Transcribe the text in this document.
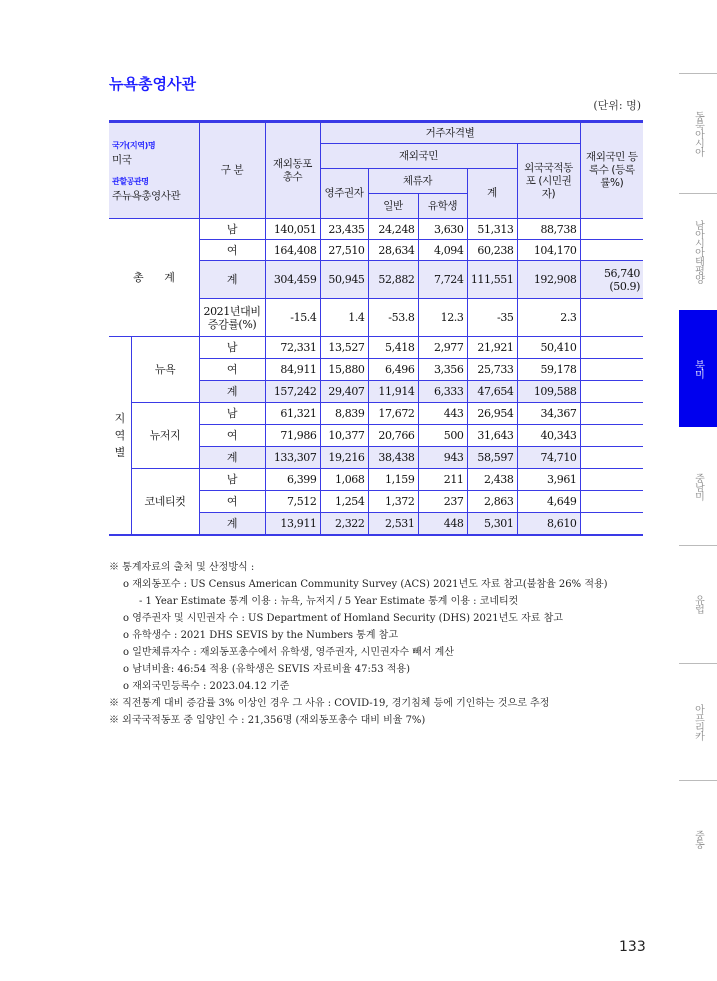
뉴욕총영사관
(단위: 명)
국가(지역)명
미국
관할공관명
주뉴욕총영사관		구 분	재외동포 총수	거주자격별					재외국민 등록수 (등록률%)
				재외국민				외국국적동포 (시민권자)	
				영주권자	체류자		계		
					일반	유학생			
총 계		남	140,051	23,435	24,248	3,630	51,313	88,738	
		여	164,408	27,510	28,634	4,094	60,238	104,170	
		계	304,459	50,945	52,882	7,724	111,551	192,908	56,740 (50.9)
		2021년대비 증감률(%)	-15.4	1.4	-53.8	12.3	-35	2.3	
지 역 별	뉴욕	남	72,331	13,527	5,418	2,977	21,921	50,410	
		여	84,911	15,880	6,496	3,356	25,733	59,178	
		계	157,242	29,407	11,914	6,333	47,654	109,588	
	뉴저지	남	61,321	8,839	17,672	443	26,954	34,367	
		여	71,986	10,377	20,766	500	31,643	40,343	
		계	133,307	19,216	38,438	943	58,597	74,710	
	코네티컷	남	6,399	1,068	1,159	211	2,438	3,961	
		여	7,512	1,254	1,372	237	2,863	4,649	
		계	13,911	2,322	2,531	448	5,301	8,610	
※ 통계자료의 출처 및 산정방식 :
o 재외동포수 : US Census American Community Survey (ACS) 2021년도 자료 참고(불참율 26% 적용)
- 1 Year Estimate 통계 이용 : 뉴욕, 뉴저지 / 5 Year Estimate 통계 이용 : 코네티컷
o 영주권자 및 시민권자 수 : US Department of Homland Security (DHS) 2021년도 자료 참고
o 유학생수 : 2021 DHS SEVIS by the Numbers 통계 참고
o 일반체류자수 : 재외동포총수에서 유학생, 영주권자, 시민권자수 빼서 계산
o 남녀비율: 46:54 적용 (유학생은 SEVIS 자료비율 47:53 적용)
o 재외국민등록수 : 2023.04.12 기준
※ 직전통계 대비 증감률 3% 이상인 경우 그 사유 : COVID-19, 경기침체 등에 기인하는 것으로 추정
※ 외국국적동포 중 입양인 수 : 21,356명 (재외동포총수 대비 비율 7%)
동북아시아
남아시아태평양
북미
중남미
유럽
아프리카
중동
133
